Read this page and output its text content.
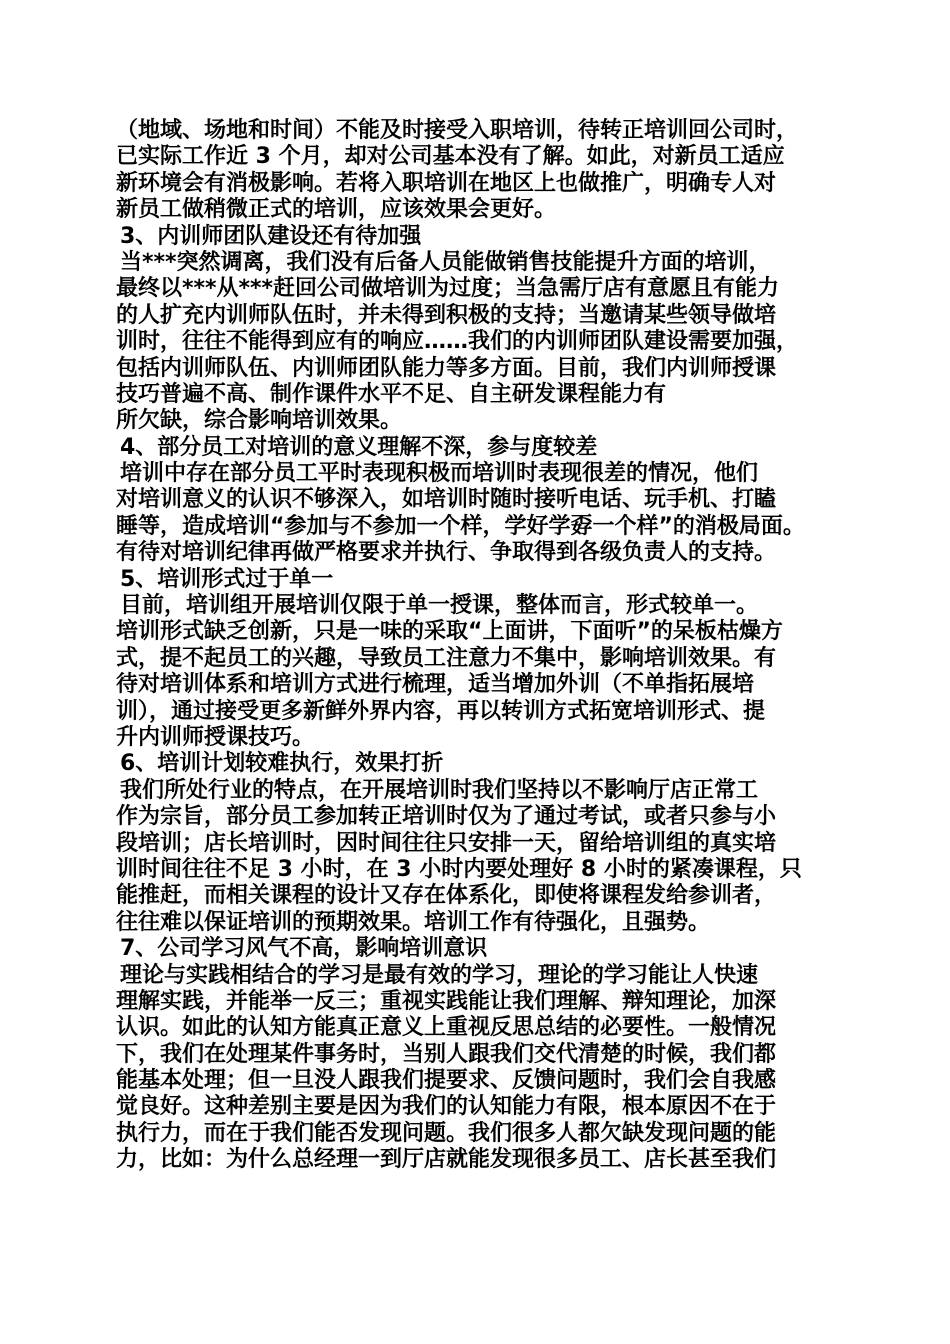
（地域、场地和时间）不能及时接受入职培训，待转正培训回公司时，
已实际工作近 3 个月，却对公司基本没有了解。如此，对新员工适应
新环境会有消极影响。若将入职培训在地区上也做推广，明确专人对
新员工做稍微正式的培训，应该效果会更好。
3、内训师团队建设还有待加强
当***突然调离，我们没有后备人员能做销售技能提升方面的培训，
最终以***从***赶回公司做培训为过度；当急需厅店有意愿且有能力
的人扩充内训师队伍时，并未得到积极的支持；当邀请某些领导做培
训时，往往不能得到应有的响应……我们的内训师团队建设需要加强，
包括内训师队伍、内训师团队能力等多方面。目前，我们内训师授课
技巧普遍不高、制作课件水平不足、自主研发课程能力有
所欠缺，综合影响培训效果。
4、部分员工对培训的意义理解不深，参与度较差
培训中存在部分员工平时表现积极而培训时表现很差的情况，他们
对培训意义的认识不够深入，如培训时随时接听电话、玩手机、打瞌
睡等，造成培训“参加与不参加一个样，学好学孬一个样”的消极局面。
有待对培训纪律再做严格要求并执行、争取得到各级负责人的支持。
5、培训形式过于单一
目前，培训组开展培训仅限于单一授课，整体而言，形式较单一。
培训形式缺乏创新，只是一味的采取“上面讲，下面听”的呆板枯燥方
式，提不起员工的兴趣，导致员工注意力不集中，影响培训效果。有
待对培训体系和培训方式进行梳理，适当增加外训（不单指拓展培
训），通过接受更多新鲜外界内容，再以转训方式拓宽培训形式、提
升内训师授课技巧。
6、培训计划较难执行，效果打折
我们所处行业的特点，在开展培训时我们坚持以不影响厅店正常工
作为宗旨，部分员工参加转正培训时仅为了通过考试，或者只参与小
段培训；店长培训时，因时间往往只安排一天，留给培训组的真实培
训时间往往不足 3 小时，在 3 小时内要处理好 8 小时的紧凑课程，只
能推赶，而相关课程的设计又存在体系化，即使将课程发给参训者，
往往难以保证培训的预期效果。培训工作有待强化，且强势。
7、公司学习风气不高，影响培训意识
理论与实践相结合的学习是最有效的学习，理论的学习能让人快速
理解实践，并能举一反三；重视实践能让我们理解、辩知理论，加深
认识。如此的认知方能真正意义上重视反思总结的必要性。一般情况
下，我们在处理某件事务时，当别人跟我们交代清楚的时候，我们都
能基本处理；但一旦没人跟我们提要求、反馈问题时，我们会自我感
觉良好。这种差别主要是因为我们的认知能力有限，根本原因不在于
执行力，而在于我们能否发现问题。我们很多人都欠缺发现问题的能
力，比如：为什么总经理一到厅店就能发现很多员工、店长甚至我们
